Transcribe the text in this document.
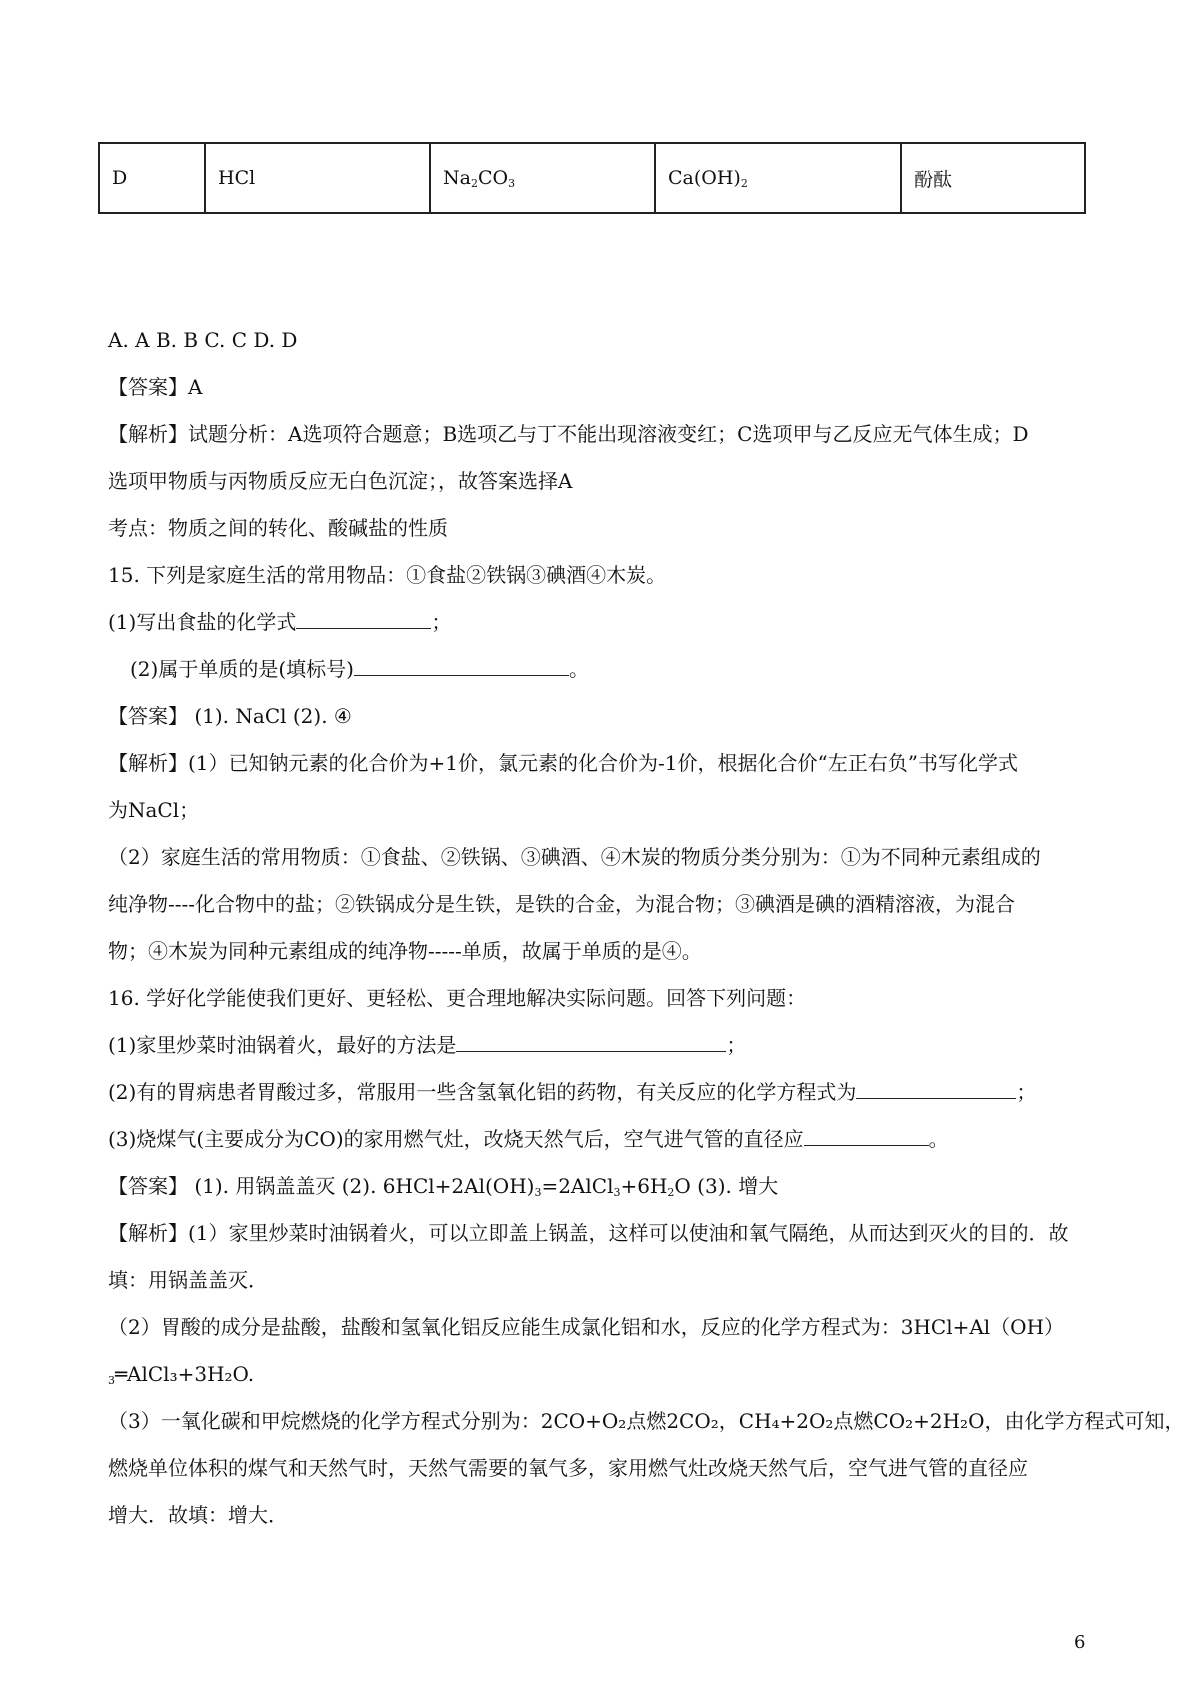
D	HCl	$Na_2CO_3$	$Ca(OH)_2$	酚酞
A. A B. B C. C D. D
【答案】A
【解析】试题分析：A选项符合题意；B选项乙与丁不能出现溶液变红；C选项甲与乙反应无气体生成；D
选项甲物质与丙物质反应无白色沉淀；，故答案选择A
考点：物质之间的转化、酸碱盐的性质
15. 下列是家庭生活的常用物品：①食盐②铁锅③碘酒④木炭。
(1)写出食盐的化学式	；
(2)属于单质的是(填标号)	。
【答案】 (1). NaCl (2). ④
【解析】(1）已知钠元素的化合价为+1价，氯元素的化合价为-1价，根据化合价“左正右负”书写化学式
为NaCl；
（2）家庭生活的常用物质：①食盐、②铁锅、③碘酒、④木炭的物质分类分别为：①为不同种元素组成的
纯净物----化合物中的盐；②铁锅成分是生铁，是铁的合金，为混合物；③碘酒是碘的酒精溶液，为混合
物；④木炭为同种元素组成的纯净物-----单质，故属于单质的是④。
16. 学好化学能使我们更好、更轻松、更合理地解决实际问题。回答下列问题：
(1)家里炒菜时油锅着火，最好的方法是	；
(2)有的胃病患者胃酸过多，常服用一些含氢氧化铝的药物，有关反应的化学方程式为	；
(3)烧煤气(主要成分为CO)的家用燃气灶，改烧天然气后，空气进气管的直径应	。
【答案】 (1). 用锅盖盖灭 (2). $6HCl+2Al(OH)_3=2AlCl_3+6H_2O$ (3). 增大
【解析】(1）家里炒菜时油锅着火，可以立即盖上锅盖，这样可以使油和氧气隔绝，从而达到灭火的目的．故
填：用锅盖盖灭．
（2）胃酸的成分是盐酸，盐酸和氢氧化铝反应能生成氯化铝和水，反应的化学方程式为：3HCl+Al（OH）
$_3$═AlCl₃+3H₂O.
（3）一氧化碳和甲烷燃烧的化学方程式分别为：2CO+O₂点燃2CO₂，CH₄+2O₂点燃CO₂+2H₂O，由化学方程式可知，
燃烧单位体积的煤气和天然气时，天然气需要的氧气多，家用燃气灶改烧天然气后，空气进气管的直径应
增大．故填：增大．
6
